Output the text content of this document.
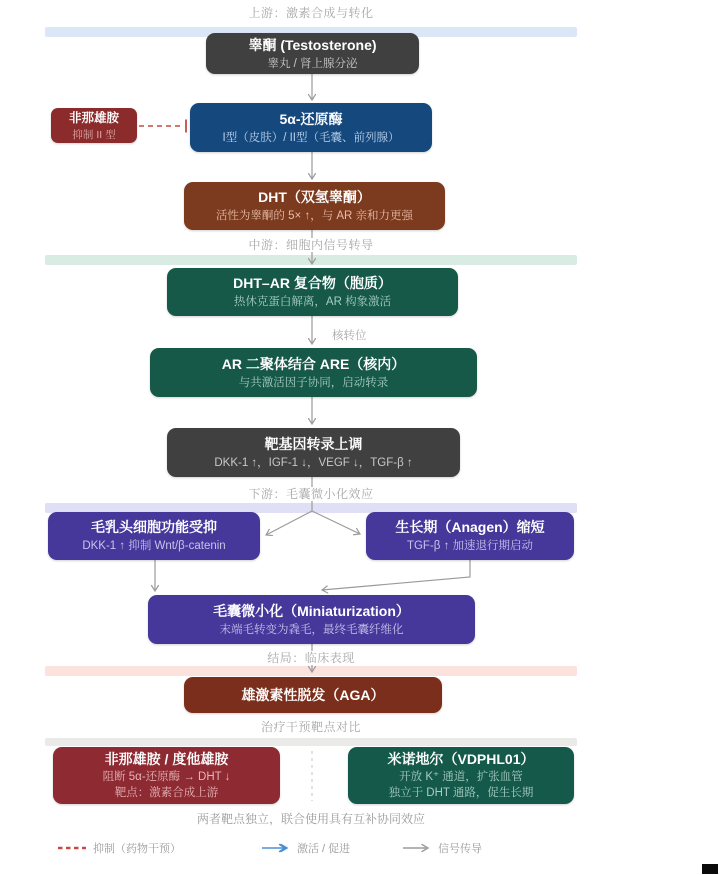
上游：激素合成与转化
中游：细胞内信号转导
下游：毛囊微小化效应
结局：临床表现
治疗干预靶点对比
睾酮 (Testosterone)
睾丸 / 肾上腺分泌
非那雄胺
抑制 II 型
5α-还原酶
I型（皮肤）/ II型（毛囊、前列腺）
DHT（双氢睾酮）
活性为睾酮的 5× ↑，与 AR 亲和力更强
DHT–AR 复合物（胞质）
热休克蛋白解离，AR 构象激活
核转位
AR 二聚体结合 ARE（核内）
与共激活因子协同，启动转录
靶基因转录上调
DKK-1 ↑，IGF-1 ↓，VEGF ↓，TGF-β ↑
毛乳头细胞功能受抑
DKK-1 ↑ 抑制 Wnt/β-catenin
生长期（Anagen）缩短
TGF-β ↑ 加速退行期启动
毛囊微小化（Miniaturization）
末端毛转变为毳毛，最终毛囊纤维化
雄激素性脱发（AGA）
非那雄胺 / 度他雄胺
阻断 5α-还原酶 → DHT ↓
靶点：激素合成上游
米诺地尔（VDPHL01）
开放 K⁺ 通道，扩张血管
独立于 DHT 通路，促生长期
两者靶点独立，联合使用具有互补协同效应
抑制（药物干预）	激活 / 促进	信号传导
